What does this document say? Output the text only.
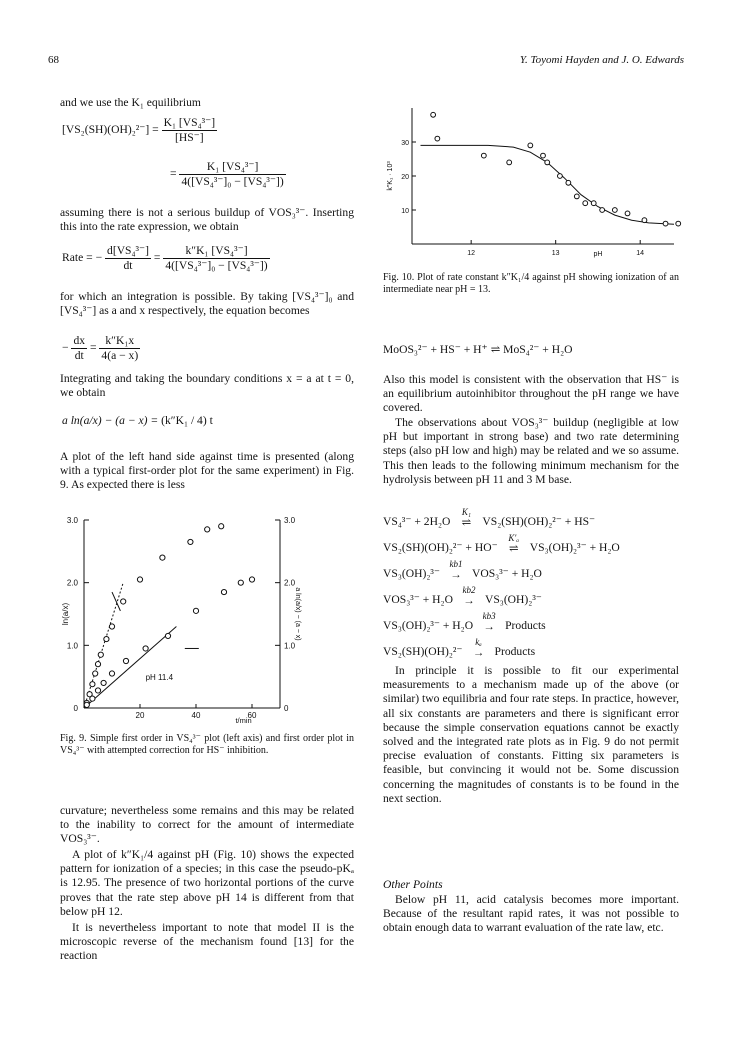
68	Y. Toyomi Hayden and J. O. Edwards
and we use the K₁ equilibrium
$[VS_2(SH)(OH)_2^{2-}] = \frac{\text{K₁ [VS₄³⁻]}}{[HS^-]}$
= $\frac{\text{K₁ [VS₄³⁻]}}{\text{4([VS₄³⁻]₀ − [VS₄³⁻])}}$
assuming there is not a serious buildup of VOS₃³⁻. Inserting this into the rate expression, we obtain
Rate = − $\frac{\text{d[VS₄³⁻]}}{dt} = \frac{\text{k″K₁ [VS₄³⁻]}}{\text{4([VS₄³⁻]₀ − [VS₄³⁻])}}$
for which an integration is possible. By taking [VS₄³⁻]₀ and [VS₄³⁻] as a and x respectively, the equation becomes
− $\frac{dx}{dt} = \frac{\text{k″K₁x}}{4(a - x)}$
Integrating and taking the boundary conditions x = a at t = 0, we obtain
a ln(a/x) − (a − x) = (k″K₁ / 4) t
A plot of the left hand side against time is presented (along with a typical first-order plot for the same experiment) in Fig. 9. As expected there is less
0	0
1.0	1.0
2.0	2.0
3.0	3.0
20	40	60
t/min
ln(a/x)	a ln(a/x) − (a − x)
pH 11.4
Fig. 9. Simple first order in VS₄³⁻ plot (left axis) and first order plot in VS₄³⁻ with attempted correction for HS⁻ inhibition.
curvature; nevertheless some remains and this may be related to the inability to correct for the amount of intermediate VOS₃³⁻.
A plot of k″K₁/4 against pH (Fig. 10) shows the expected pattern for ionization of a species; in this case the pseudo-pKₐ is 12.95. The presence of two horizontal portions of the curve proves that the rate step above pH 14 is different from that below pH 12.
It is nevertheless important to note that model II is the microscopic reverse of the mechanism found [13] for the reaction
10
20
30
12	13	14
pH
k″K₁ · 10³
Fig. 10. Plot of rate constant k″K₁/4 against pH showing ionization of an intermediate near pH = 13.
MoOS₃²⁻ + HS⁻ + H⁺ ⇌ MoS₄²⁻ + H₂O
Also this model is consistent with the observation that HS⁻ is an equilibrium autoinhibitor throughout the pH range we have covered.
The observations about VOS₃³⁻ buildup (negligible at low pH but important in strong base) and two rate determining steps (also pH low and high) may be related and we so assume. This then leads to the following minimum mechanism for the hydrolysis between pH 11 and 3 M base.
VS₄³⁻ + 2H₂O
K₁
⇌ VS₂(SH)(OH)₂²⁻ + HS⁻
VS₂(SH)(OH)₂²⁻ + HO⁻
K′ₐ
⇌ VS₃(OH)₂³⁻ + H₂O
VS₃(OH)₂³⁻
kb1
→ VOS₃³⁻ + H₂O
VOS₃³⁻ + H₂O
kb2
→ VS₃(OH)₂³⁻
VS₃(OH)₂³⁻ + H₂O
kb3
→ Products
VS₂(SH)(OH)₂²⁻
kₐ
→ Products
In principle it is possible to fit our experimental measurements to a mechanism made up of the above (or similar) two equilibria and four rate steps. In practice, however, all six constants are parameters and there is significant error because the simple conservation equations cannot be exactly solved and the integrated rate plots as in Fig. 9 do not permit precise evaluation of constants. Fitting six parameters is feasible, but convincing it would not be. Some discussion concerning the magnitudes of constants is to be found in the next section.
Other Points
Below pH 11, acid catalysis becomes more important. Because of the resultant rapid rates, it was not possible to obtain enough data to warrant evaluation of the rate law, etc.
